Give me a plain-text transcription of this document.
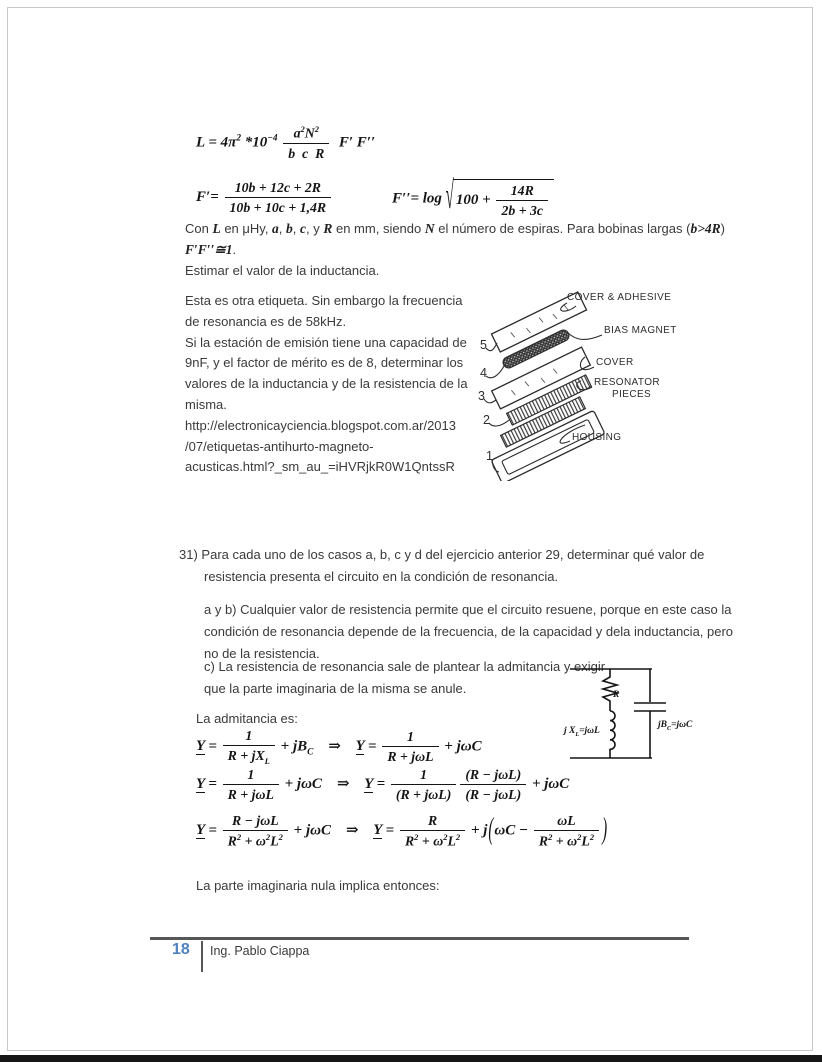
$L = 4\pi^2$ $*10^{-4} \frac{a^2N^2}{\text{b  c  R}} F'$ F′′
$F'= \frac{10b + 12c + 2R}{10b + 10c + 1,4R}$	F′′= log √ $100 + \frac{14R}{2b + 3c}$
Con L en μHy, a, b, c, y R en mm, siendo N el número de espiras. Para bobinas largas (b>4R)
F′F′′≅1.
Estimar el valor de la inductancia.
Esta es otra etiqueta. Sin embargo la frecuencia
de resonancia es de 58kHz.
Si la estación de emisión tiene una capacidad de
9nF, y el factor de mérito es de 8, determinar los
valores de la inductancia y de la resistencia de la
misma.
http://electronicayciencia.blogspot.com.ar/2013
/07/etiquetas-antihurto-magneto-
acusticas.html?_sm_au_=iHVRjkR0W1QntssR
COVER & ADHESIVE
BIAS MAGNET
COVER
RESONATOR
PIECES
HOUSING
5
4
3
2
1
31) Para cada uno de los casos a, b, c y d del ejercicio anterior 29, determinar qué valor de
resistencia presenta el circuito en la condición de resonancia.
a y b) Cualquier valor de resistencia permite que el circuito resuene, porque en este caso la
condición de resonancia depende de la frecuencia, de la capacidad y dela inductancia, pero
no de la resistencia.
c) La resistencia de resonancia sale de plantear la admitancia y exigir
que la parte imaginaria de la misma se anule.
La admitancia es:
$Y = \frac{1}{R + jX_L} + jB_C$    ⇒    $Y = \frac{1}{\text{R + jωL}} + j\omega C$
$Y = \frac{1}{\text{R + jωL}} + j\omega C$    ⇒    $Y = \frac{1}{\text{(R + jωL)}} \frac{\text{(R − jωL)}}{\text{(R − jωL)}} + j\omega C$
$Y = \frac{\text{R − jωL}}{R^2 + \omega^2L^2} + j\omega C$    ⇒    $Y = \frac{R}{R^2 + \omega^2L^2} + j(\omega C - \frac{\omega L}{R^2 + \omega^2L^2}$ )
R
j $X_L=j\omega L$
$jB_C=j\omega C$
La parte imaginaria nula implica entonces:
18 Ing. Pablo Ciappa
